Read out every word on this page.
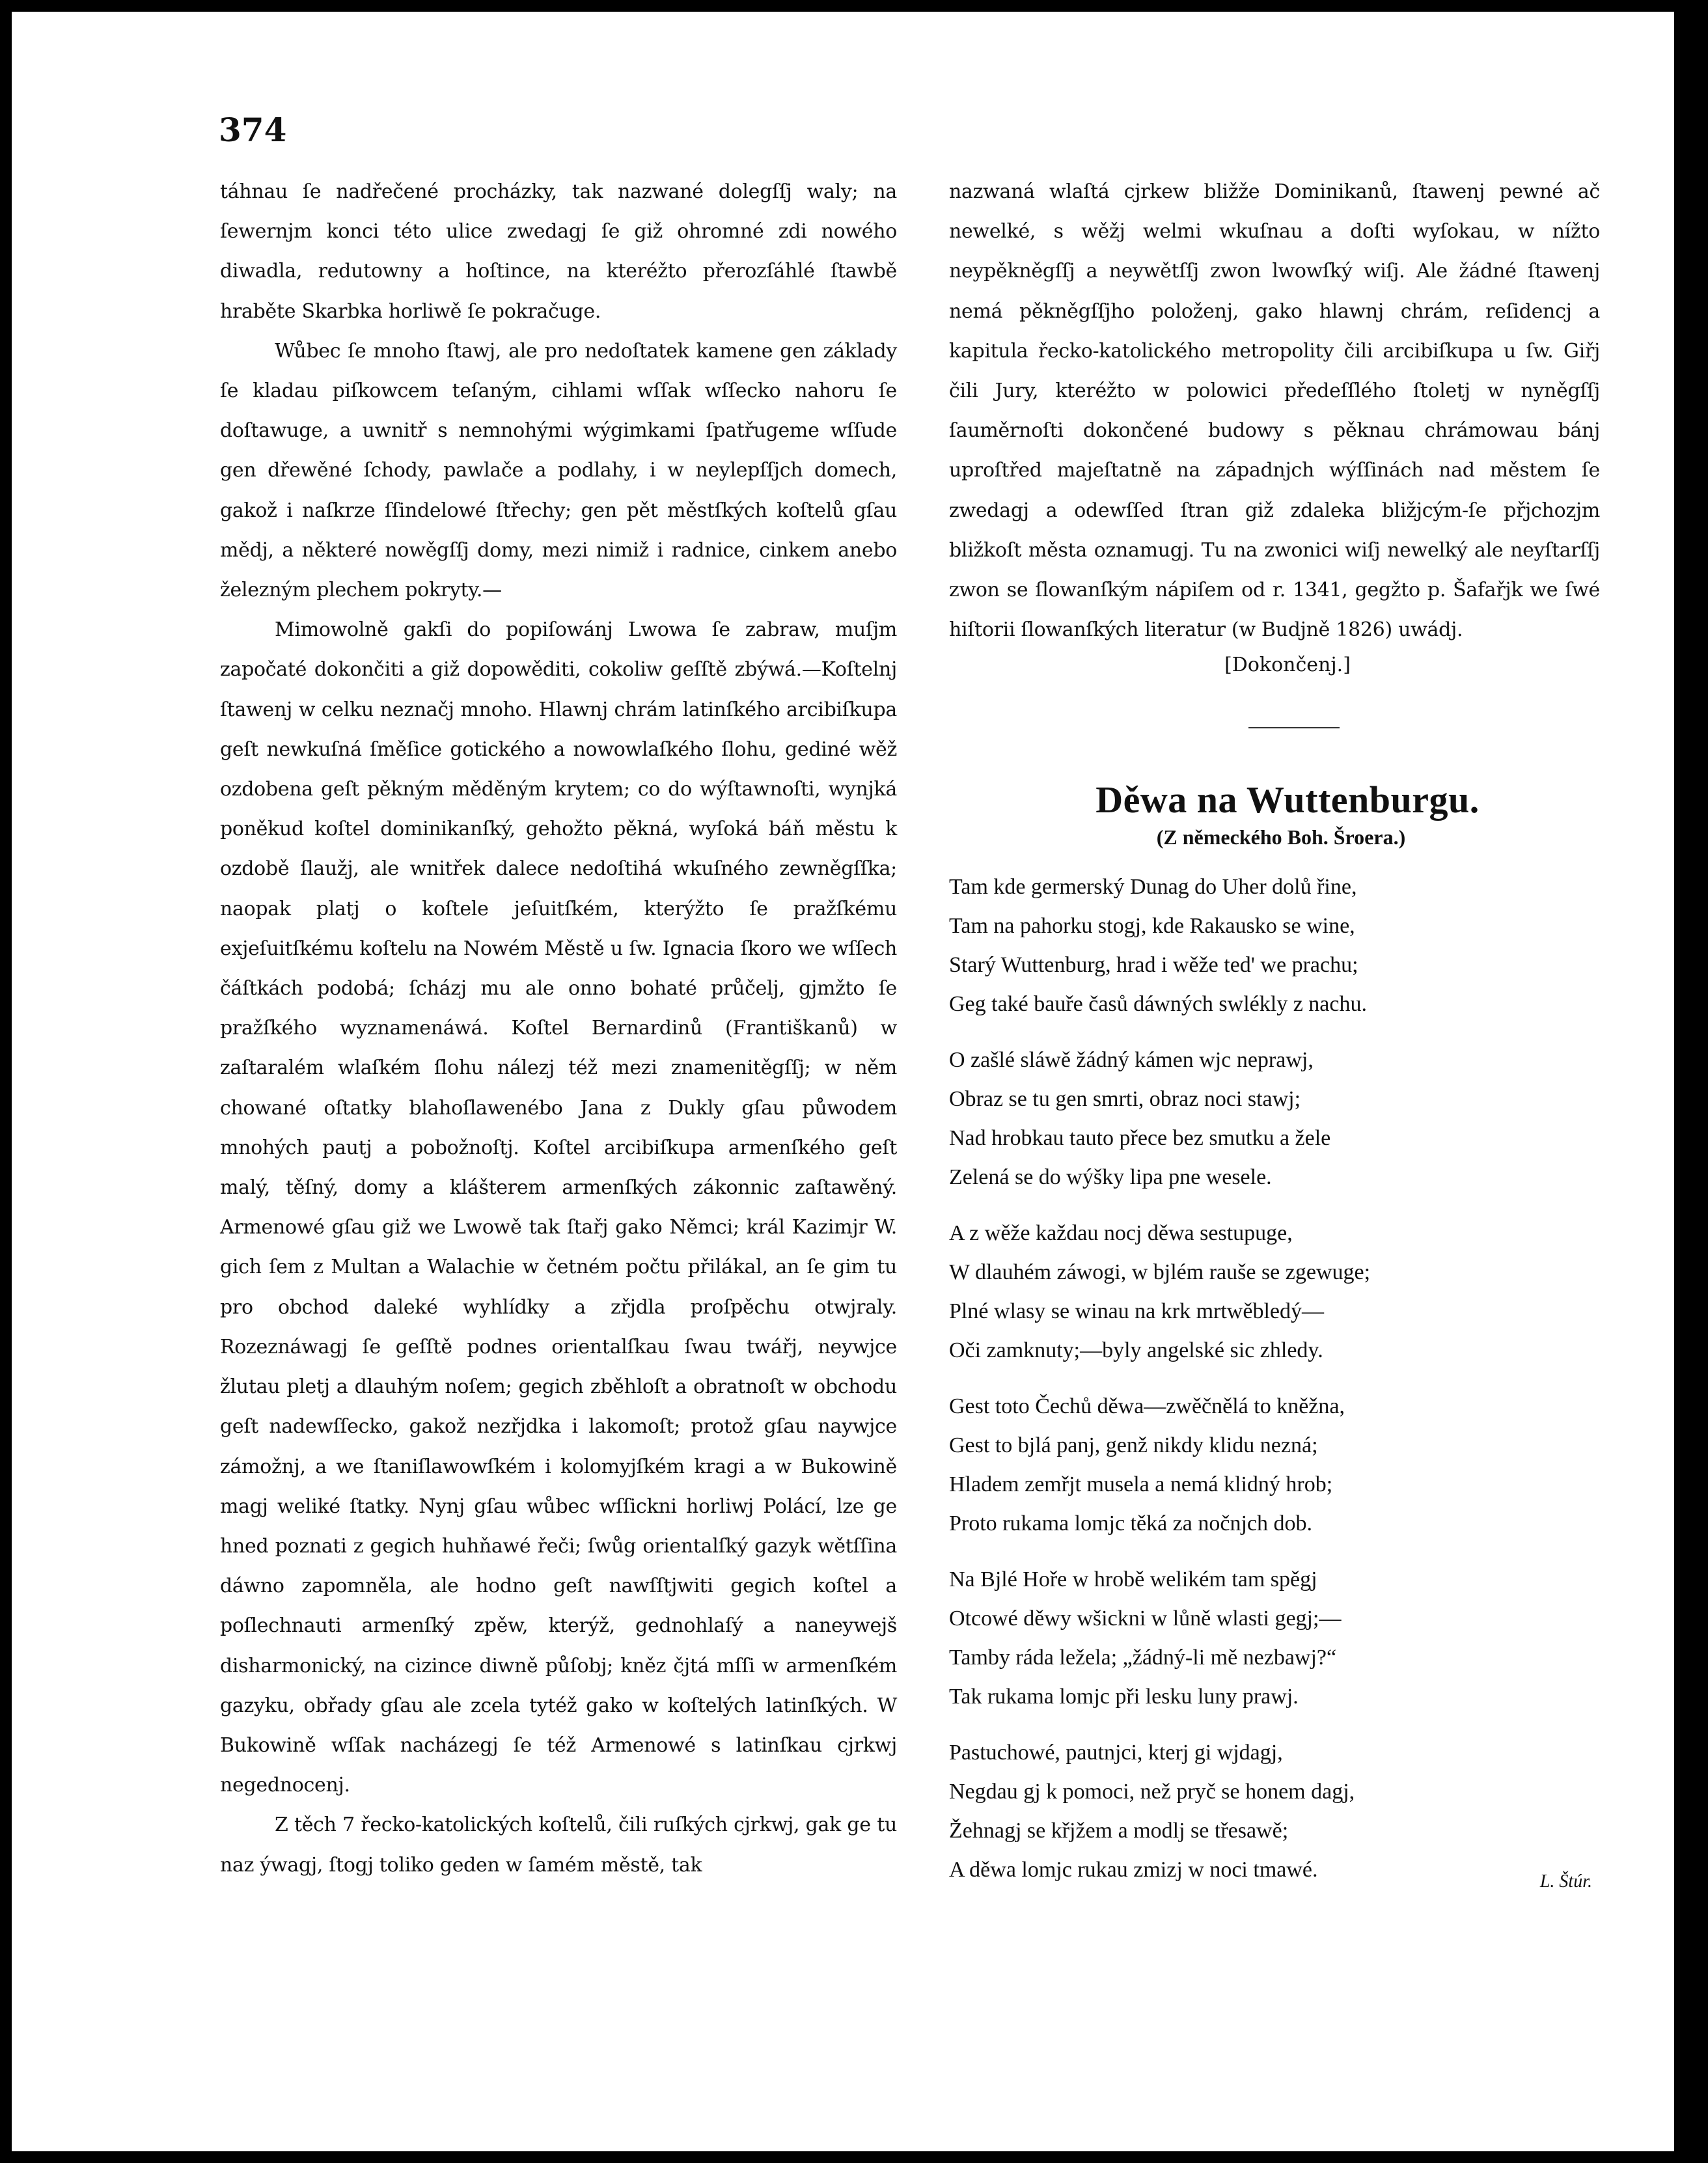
374

táhnau ſe nadřečené procházky, tak nazwané dolegſſj waly; na ſewernjm konci této ulice zwedagj ſe giž ohromné zdi nowého diwadla, redutowny a hoſtince, na kteréžto přerozſáhlé ſtawbě hraběte Skarbka horliwě ſe pokračuge.

Wůbec ſe mnoho ſtawj, ale pro nedoſtatek kamene gen základy ſe kladau piſkowcem teſaným, cihlami wſſak wſſecko nahoru ſe doſtawuge, a uwnitř s nemnohými wýgimkami ſpatřugeme wſſude gen dřewěné ſchody, pawlače a podlahy, i w neylepſſjch domech, gakož i naſkrze ſſindelowé ſtřechy; gen pět městſkých koſtelů gſau mědj, a některé nowěgſſj domy, mezi nimiž i radnice, cinkem anebo železným plechem pokryty.—

Mimowolně gakſi do popiſowánj Lwowa ſe zabraw, muſjm započaté dokončiti a giž dopowěditi, cokoliw geſſtě zbýwá.—Koſtelnj ſtawenj w celku neznačj mnoho. Hlawnj chrám latinſkého arcibiſkupa geſt newkuſná ſměſice gotického a nowowlaſkého ſlohu, gediné wěž ozdobena geſt pěkným měděným krytem; co do wýſtawnoſti, wynjká poněkud koſtel dominikanſký, gehožto pěkná, wyſoká báň městu k ozdobě ſlaužj, ale wnitřek dalece nedoſtihá wkuſného zewněgſſka; naopak platj o koſtele jeſuitſkém, kterýžto ſe pražſkému exjeſuitſkému koſtelu na Nowém Městě u ſw. Ignacia ſkoro we wſſech čáſtkách podobá; ſcházj mu ale onno bohaté průčelj, gjmžto ſe pražſkého wyznamenáwá. Koſtel Bernardinů (Františkanů) w zaſtaralém wlaſkém ſlohu nálezj též mezi znamenitěgſſj; w něm chowané oſtatky blahoſlawenébo Jana z Dukly gſau půwodem mnohých pautj a pobožnoſtj. Koſtel arcibiſkupa armenſkého geſt malý, těſný, domy a klášterem armenſkých zákonnic zaſtawěný. Armenowé gſau giž we Lwowě tak ſtařj gako Němci; král Kazimjr W. gich ſem z Multan a Walachie w četném počtu přilákal, an ſe gim tu pro obchod daleké wyhlídky a zřjdla proſpěchu otwjraly. Rozeznáwagj ſe geſſtě podnes orientalſkau ſwau twářj, neywjce žlutau pletj a dlauhým noſem; gegich zběhloſt a obratnoſt w obchodu geſt nadewſſecko, gakož nezřjdka i lakomoſt; protož gſau naywjce zámožnj, a we ſtaniſlawowſkém i kolomyjſkém kragi a w Bukowině magj weliké ſtatky. Nynj gſau wůbec wſſickni horliwj Polácí, lze ge hned poznati z gegich huhňawé řeči; ſwůg orientalſký gazyk wětſſina dáwno zapomněla, ale hodno geſt nawſſtjwiti gegich koſtel a poſlechnauti armenſký zpěw, kterýž, gednohlaſý a naneywejš disharmonický, na cizince diwně půſobj; kněz čjtá mſſi w armenſkém gazyku, obřady gſau ale zcela tytéž gako w koſtelých latinſkých. W Bukowině wſſak nacházegj ſe též Armenowé s latinſkau cjrkwj negednocenj.

Z těch 7 řecko-katolických koſtelů, čili ruſkých cjrkwj, gak ge tu naz ýwagj, ſtogj toliko geden w ſamém městě, tak

nazwaná wlaſtá cjrkew bližže Dominikanů, ſtawenj pewné ač newelké, s wěžj welmi wkuſnau a doſti wyſokau, w nížto neypěkněgſſj a neywětſſj zwon lwowſký wiſj. Ale žádné ſtawenj nemá pěkněgſſjho položenj, gako hlawnj chrám, reſidencj a kapitula řecko-katolického metropolity čili arcibiſkupa u ſw. Giřj čili Jury, kteréžto w polowici předeſſlého ſtoletj w nyněgſſj ſauměrnoſti dokončené budowy s pěknau chrámowau bánj uproſtřed majeſtatně na západnjch wýſſinách nad městem ſe zwedagj a odewſſed ſtran giž zdaleka bližjcým-ſe přjchozjm bližkoſt města oznamugj. Tu na zwonici wiſj newelký ale neyſtarſſj zwon se ſlowanſkým nápiſem od r. 1341, gegžto p. Šafařjk we ſwé hiſtorii ſlowanſkých literatur (w Budjně 1826) uwádj.

[Dokončenj.]
Děwa na Wuttenburgu.
(Z německého Boh. Šroera.)
Tam kde germerský Dunag do Uher dolů řine,
Tam na pahorku stogj, kde Rakausko se wine,
Starý Wuttenburg, hrad i wěže ted' we prachu;
Geg také bauře časů dáwných swlékly z nachu.
O zašlé sláwě žádný kámen wjc neprawj,
Obraz se tu gen smrti, obraz noci stawj;
Nad hrobkau tauto přece bez smutku a žele
Zelená se do wýšky lipa pne wesele.
A z wěže každau nocj děwa sestupuge,
W dlauhém záwogi, w bjlém rauše se zgewuge;
Plné wlasy se winau na krk mrtwěbledý—
Oči zamknuty;—byly angelské sic zhledy.
Gest toto Čechů děwa—zwěčnělá to kněžna,
Gest to bjlá panj, genž nikdy klidu nezná;
Hladem zemřjt musela a nemá klidný hrob;
Proto rukama lomjc těká za nočnjch dob.
Na Bjlé Hoře w hrobě welikém tam spěgj
Otcowé děwy wšickni w lůně wlasti gegj;—
Tamby ráda ležela; „žádný-li mě nezbawj?“
Tak rukama lomjc při lesku luny prawj.
Pastuchowé, pautnjci, kterj gi wjdagj,
Negdau gj k pomoci, než pryč se honem dagj,
Žehnagj se křjžem a modlj se třesawě;
A děwa lomjc rukau zmizj w noci tmawé.	L. Štúr.
